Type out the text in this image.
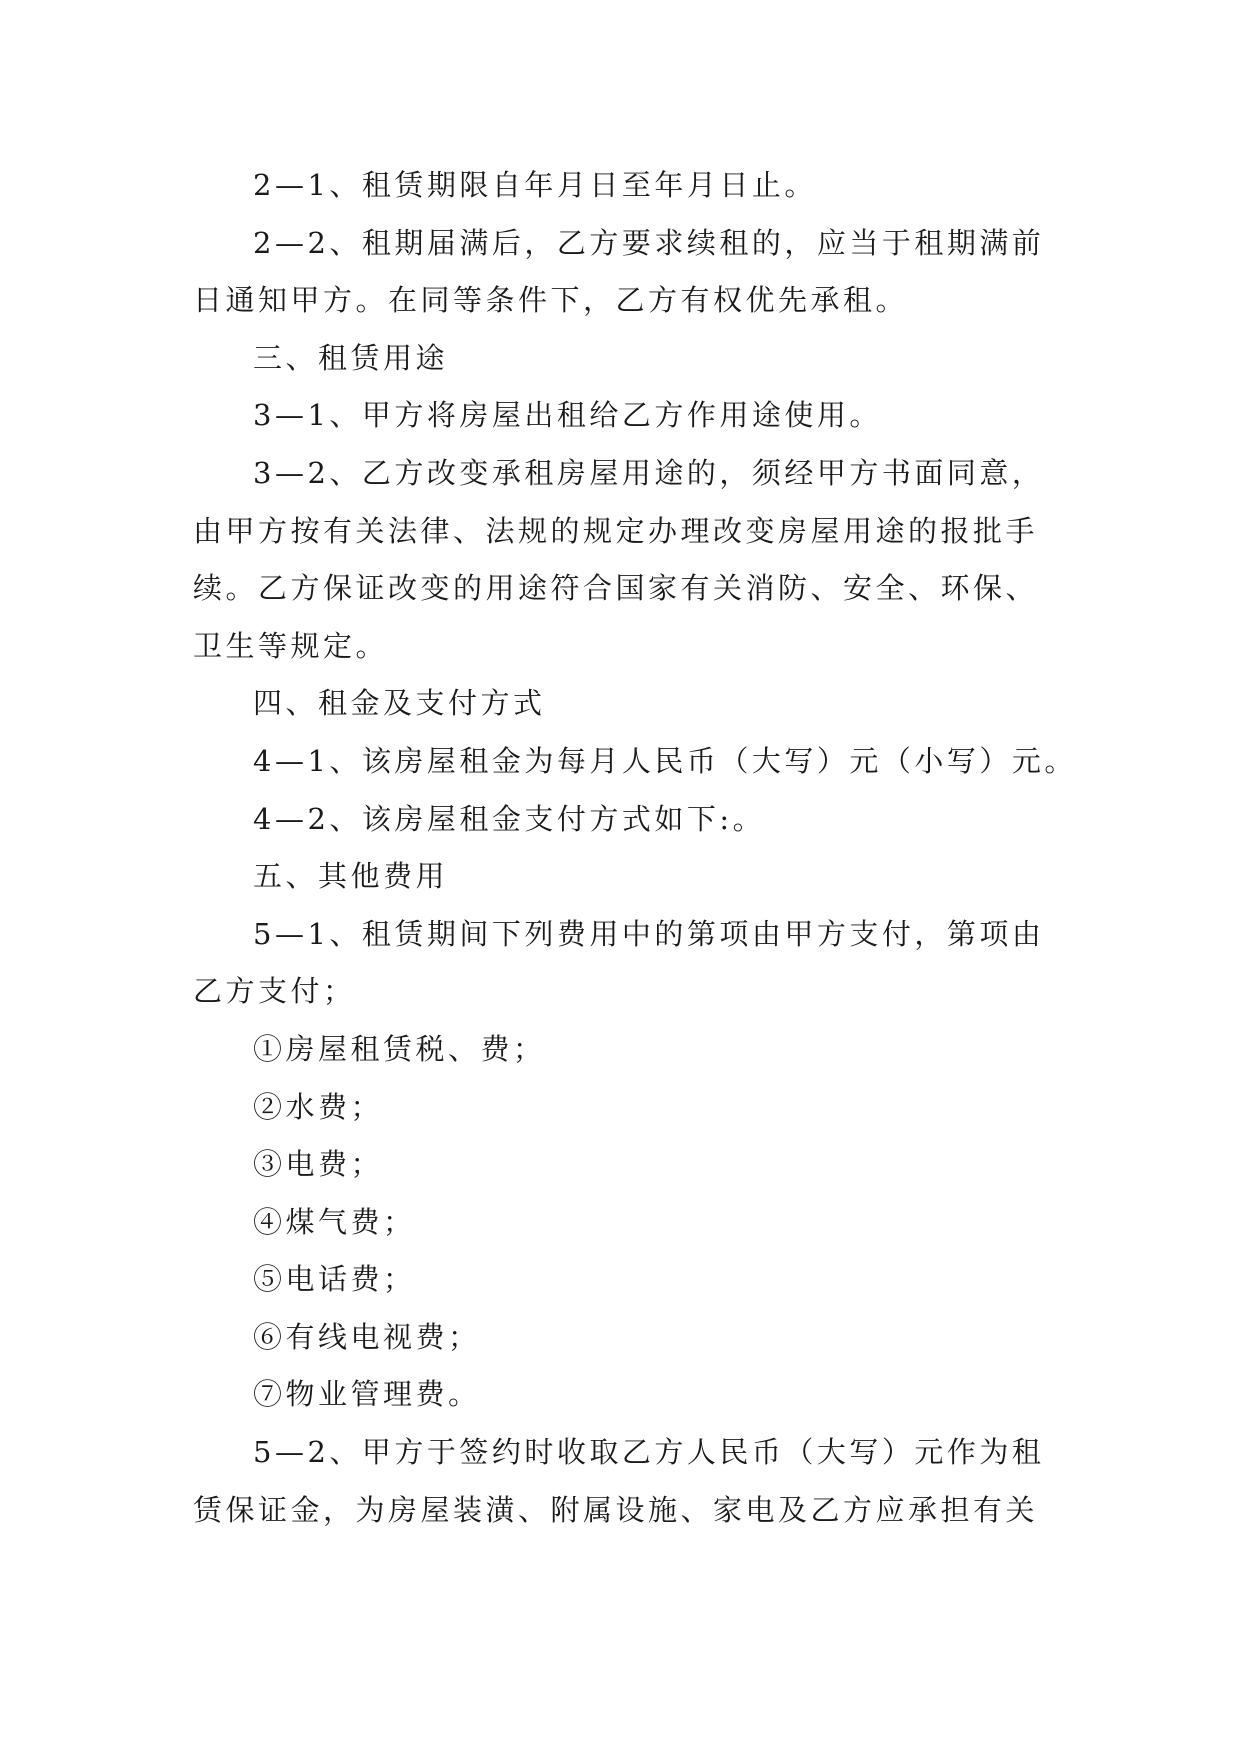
2—1、租赁期限自年月日至年月日止。

2—2、租期届满后，乙方要求续租的，应当于租期满前

日通知甲方。在同等条件下，乙方有权优先承租。

三、租赁用途

3—1、甲方将房屋出租给乙方作用途使用。

3—2、乙方改变承租房屋用途的，须经甲方书面同意，

由甲方按有关法律、法规的规定办理改变房屋用途的报批手

续。乙方保证改变的用途符合国家有关消防、安全、环保、

卫生等规定。

四、租金及支付方式

4—1、该房屋租金为每月人民币（大写）元（小写）元。

4—2、该房屋租金支付方式如下:。

五、其他费用

5—1、租赁期间下列费用中的第项由甲方支付，第项由

乙方支付；

①房屋租赁税、费；

②水费；

③电费；

④煤气费；

⑤电话费；

⑥有线电视费；

⑦物业管理费。

5—2、甲方于签约时收取乙方人民币（大写）元作为租

赁保证金，为房屋装潢、附属设施、家电及乙方应承担有关
